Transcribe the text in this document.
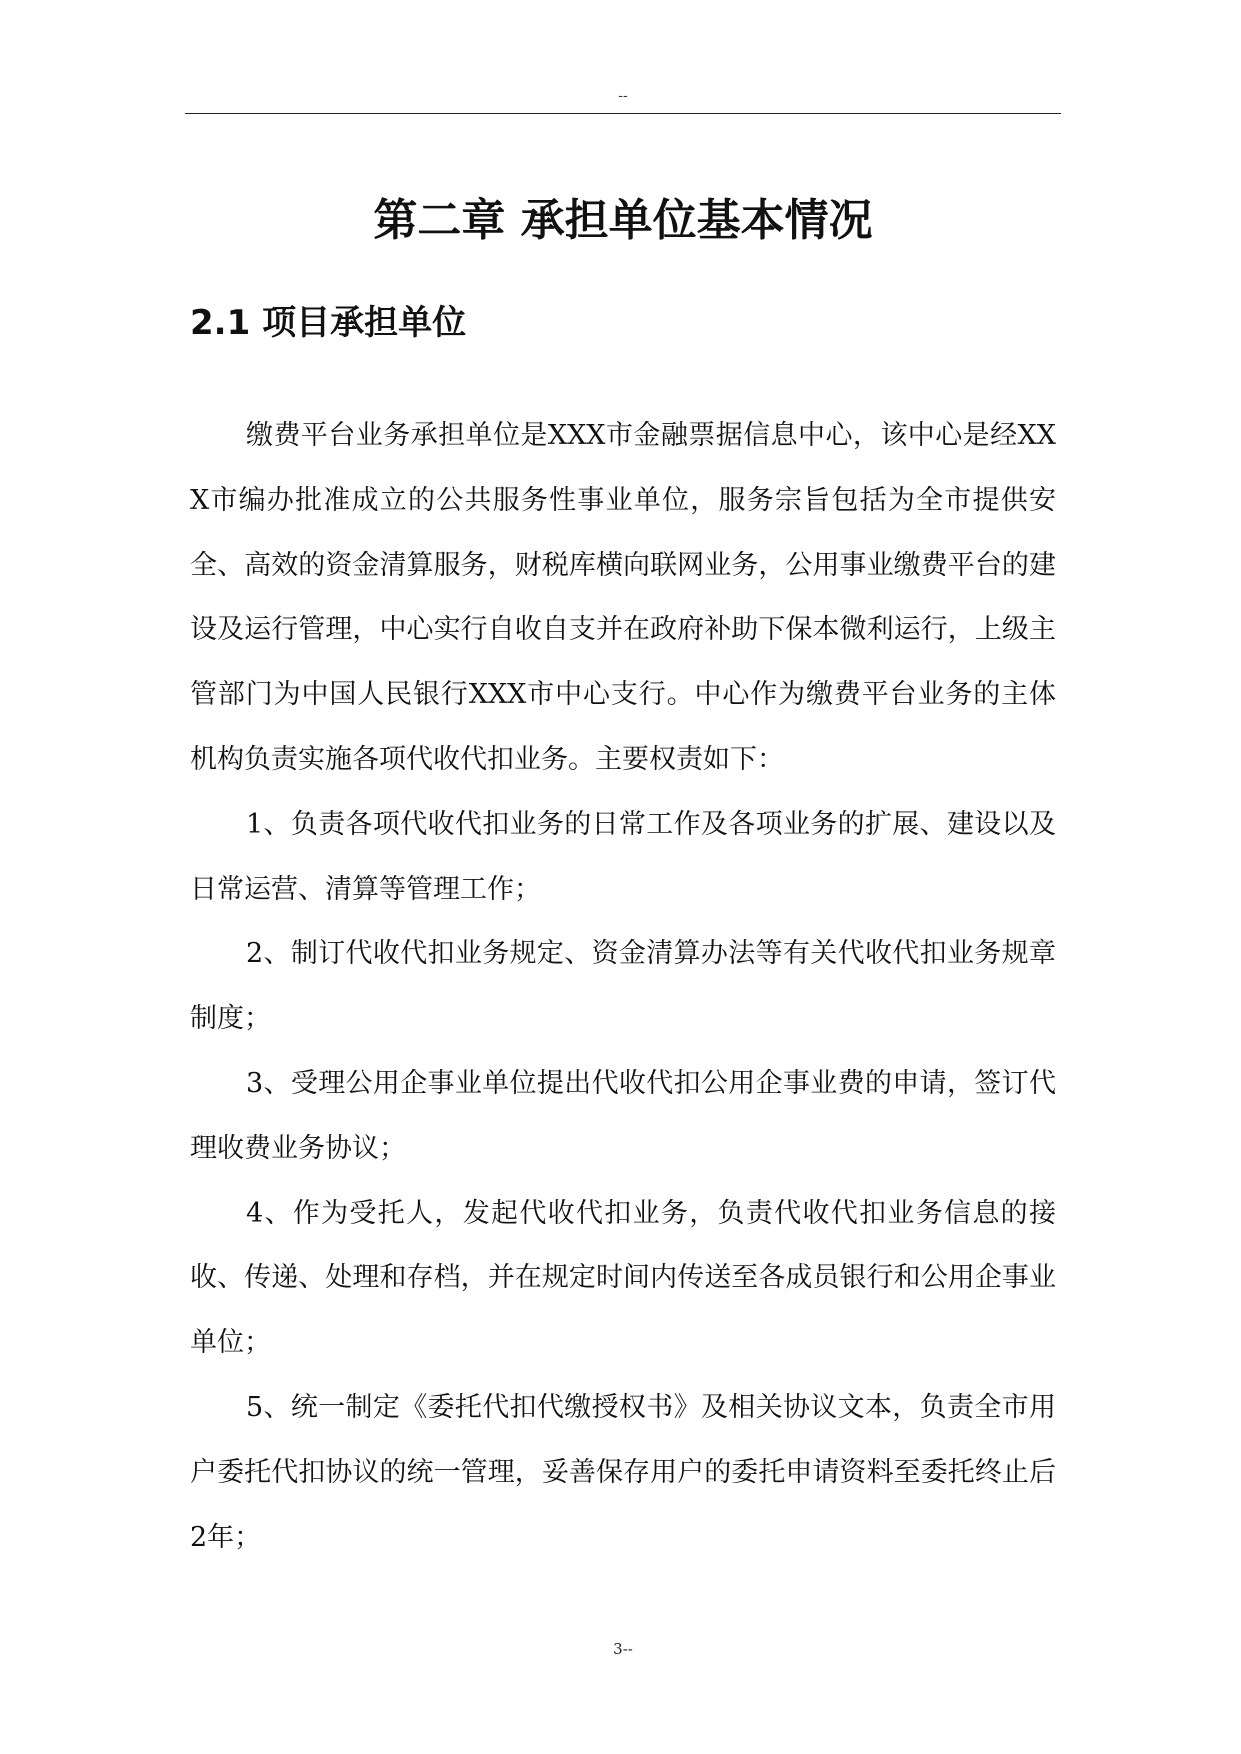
--
第二章 承担单位基本情况
2.1 项目承担单位

缴费平台业务承担单位是XXX市金融票据信息中心，该中心是经XXX市编办批准成立的公共服务性事业单位，服务宗旨包括为全市提供安全、高效的资金清算服务，财税库横向联网业务，公用事业缴费平台的建设及运行管理，中心实行自收自支并在政府补助下保本微利运行，上级主管部门为中国人民银行XXX市中心支行。中心作为缴费平台业务的主体机构负责实施各项代收代扣业务。主要权责如下：

1、负责各项代收代扣业务的日常工作及各项业务的扩展、建设以及日常运营、清算等管理工作；

2、制订代收代扣业务规定、资金清算办法等有关代收代扣业务规章制度；

3、受理公用企事业单位提出代收代扣公用企事业费的申请，签订代理收费业务协议；

4、作为受托人，发起代收代扣业务，负责代收代扣业务信息的接收、传递、处理和存档，并在规定时间内传送至各成员银行和公用企事业单位；

5、统一制定《委托代扣代缴授权书》及相关协议文本，负责全市用户委托代扣协议的统一管理，妥善保存用户的委托申请资料至委托终止后2年；

3--
